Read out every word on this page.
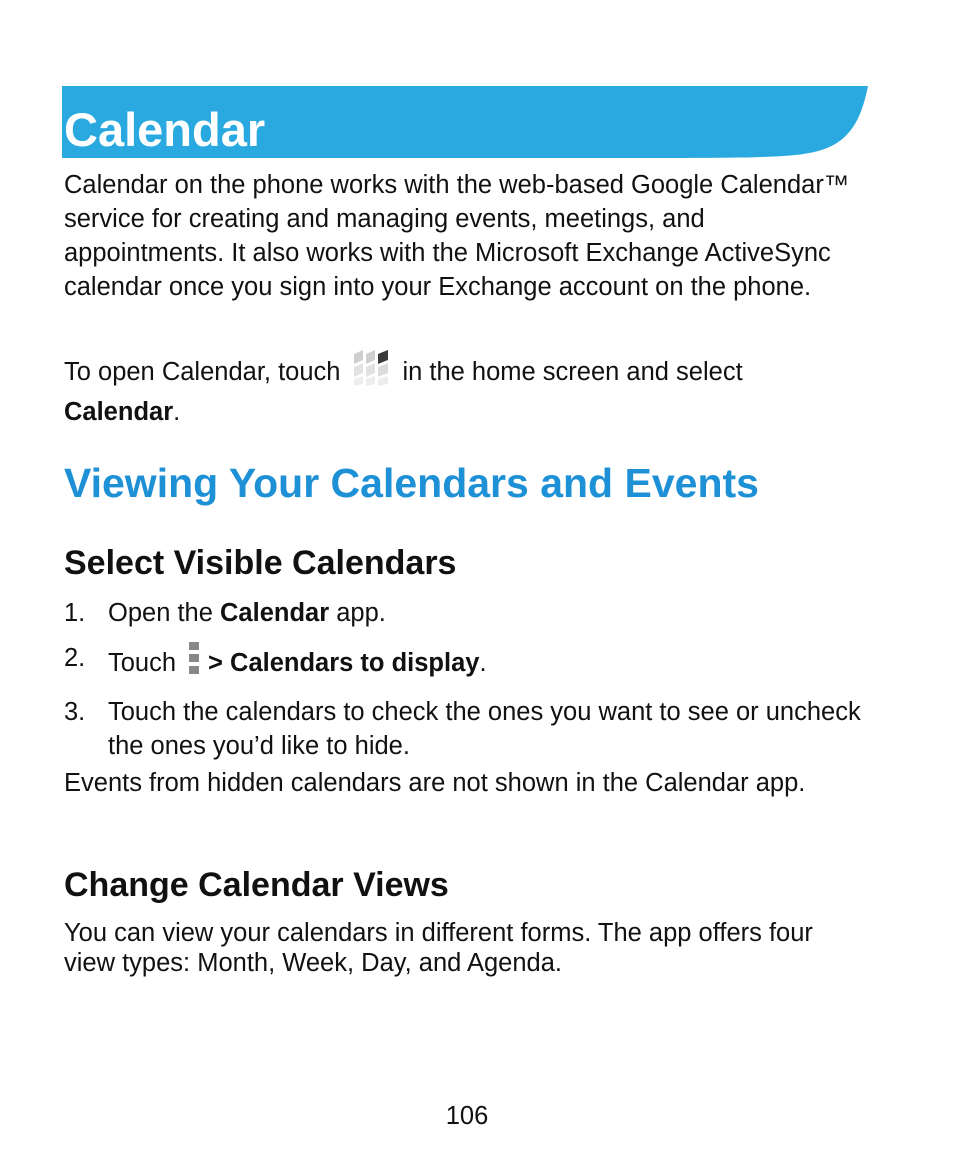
Calendar

Calendar on the phone works with the web-based Google Calendar™ service for creating and managing events, meetings, and appointments. It also works with the Microsoft Exchange ActiveSync calendar once you sign into your Exchange account on the phone.

To open Calendar, touch in the home screen and select
Calendar.

Viewing Your Calendars and Events
Select Visible Calendars
1. Open the Calendar app.
2. Touch > Calendars to display.
3. Touch the calendars to check the ones you want to see or uncheck the ones you’d like to hide.

Events from hidden calendars are not shown in the Calendar app.

Change Calendar Views

You can view your calendars in different forms. The app offers four view types: Month, Week, Day, and Agenda.

106
